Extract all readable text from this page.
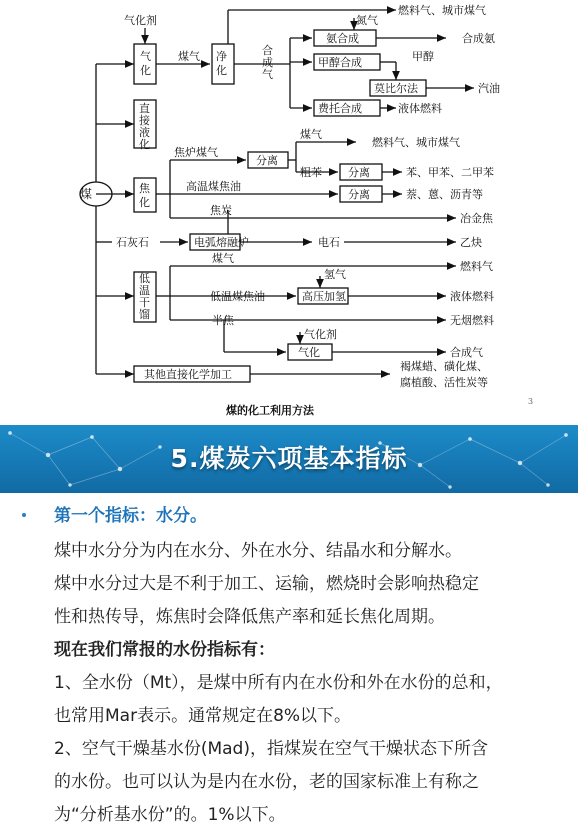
气化剂
气化
煤气 净化
合成气
燃料气、城市煤气
氮气
氨合成	合成氨
甲醇合成	甲醇
莫比尔法	汽油
费托合成	液体燃料
直接液化
煤	焦化
焦炉煤气
分离
煤气
燃料气、城市煤气
粗苯 分离	苯、甲苯、二甲苯
高温煤焦油
分离	萘、蒽、沥青等
焦炭
冶金焦
石灰石	电弧熔融炉	电石	乙炔
低温干馏
煤气
燃料气
低温煤焦油
氢气
高压加氢	液体燃料
半焦	无烟燃料
气化剂
气化	合成气
其他直接化学加工
褐煤蜡、磺化煤、
腐植酸、活性炭等
煤的化工利用方法
3
5.煤炭六项基本指标
第一个指标：水分。
煤中水分分为内在水分、外在水分、结晶水和分解水。
煤中水分过大是不利于加工、运输，燃烧时会影响热稳定
性和热传导，炼焦时会降低焦产率和延长焦化周期。
现在我们常报的水份指标有：
1、全水份（Mt），是煤中所有内在水份和外在水份的总和，
也常用Mar表示。通常规定在8%以下。
2、空气干燥基水份(Mad)，指煤炭在空气干燥状态下所含
的水份。也可以认为是内在水份，老的国家标准上有称之
为“分析基水份”的。1%以下。
